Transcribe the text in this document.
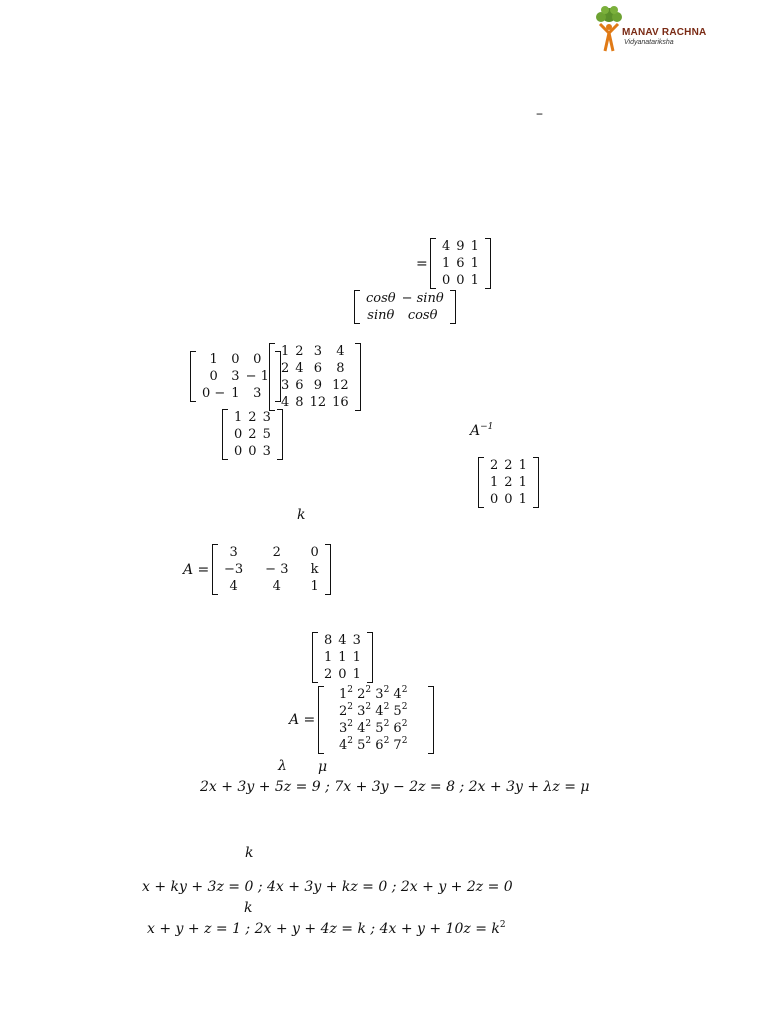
MANAV RACHNA
Vidyanatariksha
–
=
4 9 1
1 6 1
0 0 1
cosθ − sinθ
sinθ	cosθ
1	0	0
0	3 − 1
0 − 1	3
1 2 3	4
2 4 6	8
3 6 9 12
4 8 12 16
1 2 3
0 2 5
0 0 3
$A^{-1}$
2 2 1
1 2 1
0 0 1
k
A =
3	2	0
−3 − 3 k
4	4	1
8 4 3
1 1 1
2 0 1
A =
$1^2$ $2^2$ $3^2$ $4^2$
$2^2$ $3^2$ $4^2$ $5^2$
$3^2$ $4^2$ $5^2$ $6^2$
$4^2$ $5^2$ $6^2$ $7^2$
λ μ
2x + 3y + 5z = 9 ; 7x + 3y − 2z = 8 ; 2x + 3y + λz = μ
k
x + ky + 3z = 0 ; 4x + 3y + kz = 0 ; 2x + y + 2z = 0
k
x + y + z = 1 ; 2x + y + 4z = k ; $4x + y + 10z = k^2$
